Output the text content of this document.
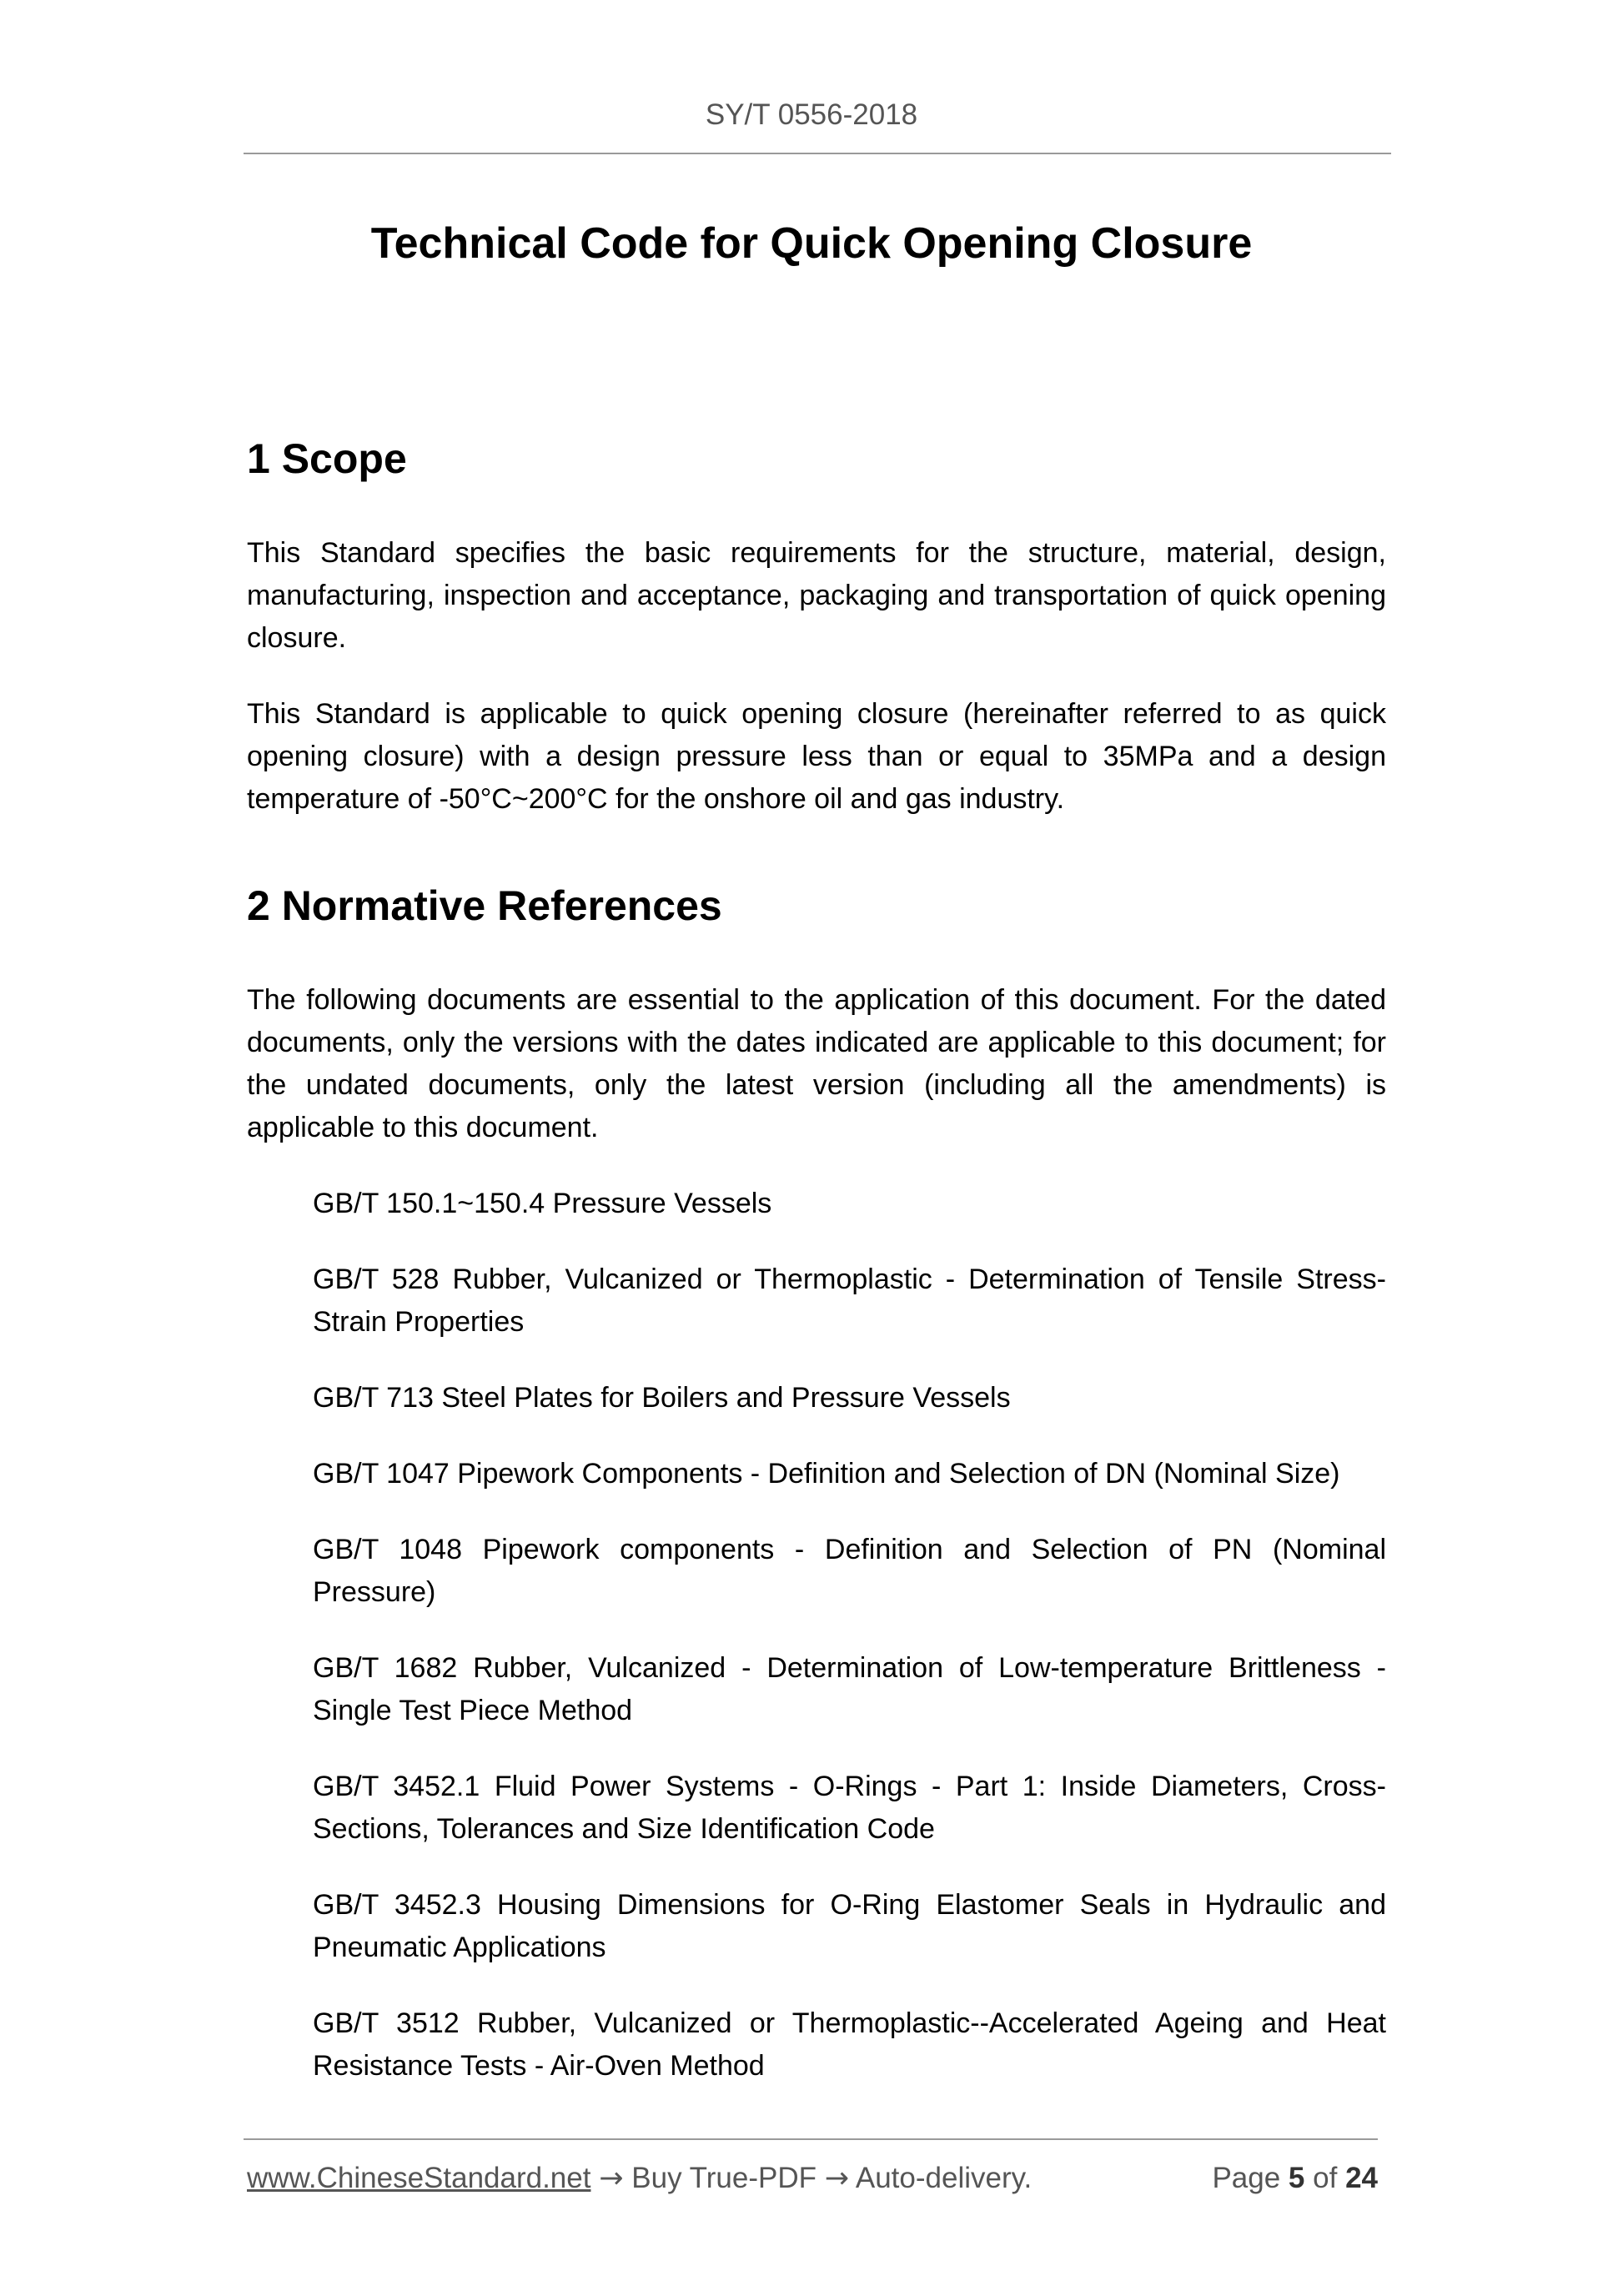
SY/T 0556-2018
Technical Code for Quick Opening Closure
1 Scope

This Standard specifies the basic requirements for the structure, material, design, manufacturing, inspection and acceptance, packaging and transportation of quick opening closure.

This Standard is applicable to quick opening closure (hereinafter referred to as quick opening closure) with a design pressure less than or equal to 35MPa and a design temperature of -50°C~200°C for the onshore oil and gas industry.

2 Normative References

The following documents are essential to the application of this document. For the dated documents, only the versions with the dates indicated are applicable to this document; for the undated documents, only the latest version (including all the amendments) is applicable to this document.

GB/T 150.1~150.4 Pressure Vessels
GB/T 528 Rubber, Vulcanized or Thermoplastic - Determination of Tensile Stress-Strain Properties
GB/T 713 Steel Plates for Boilers and Pressure Vessels
GB/T 1047 Pipework Components - Definition and Selection of DN (Nominal Size)
GB/T 1048 Pipework components - Definition and Selection of PN (Nominal Pressure)
GB/T 1682 Rubber, Vulcanized - Determination of Low-temperature Brittleness - Single Test Piece Method
GB/T 3452.1 Fluid Power Systems - O-Rings - Part 1: Inside Diameters, Cross-Sections, Tolerances and Size Identification Code
GB/T 3452.3 Housing Dimensions for O-Ring Elastomer Seals in Hydraulic and Pneumatic Applications
GB/T 3512 Rubber, Vulcanized or Thermoplastic--Accelerated Ageing and Heat Resistance Tests - Air-Oven Method
www.ChineseStandard.net → Buy True-PDF → Auto-delivery.	Page 5 of 24
